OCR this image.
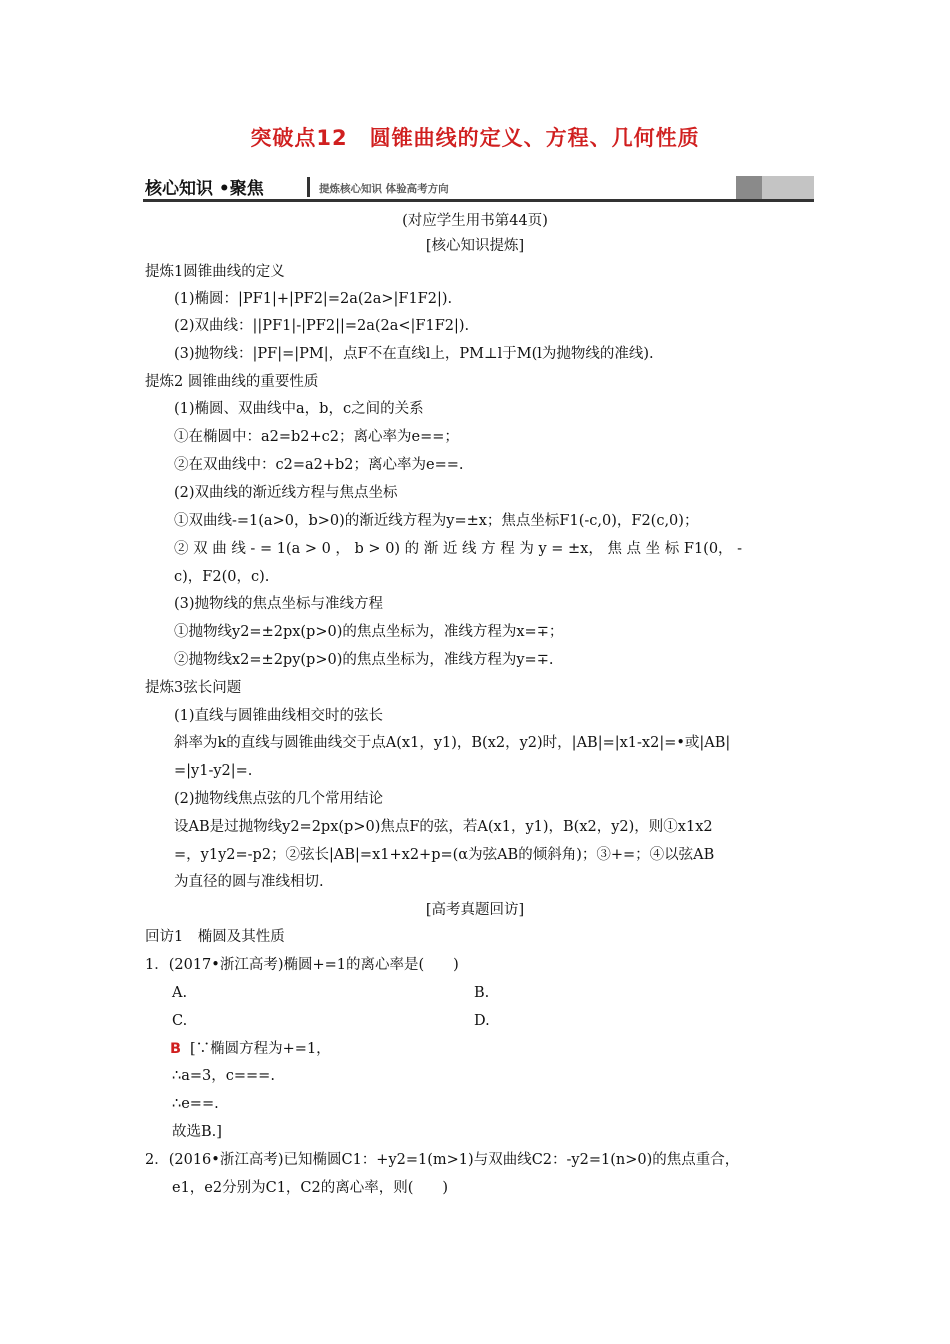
突破点12　圆锥曲线的定义、方程、几何性质
核心知识 •聚焦	提炼核心知识 体验高考方向
(对应学生用书第44页)
[核心知识提炼]
提炼1圆锥曲线的定义
(1)椭圆：|PF1|+|PF2|=2a(2a>|F1F2|).
(2)双曲线：||PF1|-|PF2||=2a(2a<|F1F2|).
(3)抛物线：|PF|=|PM|，点F不在直线l上，PM⊥l于M(l为抛物线的准线).
提炼2 圆锥曲线的重要性质
(1)椭圆、双曲线中a，b，c之间的关系
①在椭圆中：a2=b2+c2；离心率为e==；
②在双曲线中：c2=a2+b2；离心率为e==.
(2)双曲线的渐近线方程与焦点坐标
①双曲线-=1(a>0，b>0)的渐近线方程为y=±x；焦点坐标F1(-c,0)，F2(c,0)；
② 双 曲 线 - = 1(a > 0 ， b > 0) 的 渐 近 线 方 程 为 y = ±x， 焦 点 坐 标 F1(0， -
c)，F2(0，c).
(3)抛物线的焦点坐标与准线方程
①抛物线y2=±2px(p>0)的焦点坐标为，准线方程为x=∓；
②抛物线x2=±2py(p>0)的焦点坐标为，准线方程为y=∓.
提炼3弦长问题
(1)直线与圆锥曲线相交时的弦长
斜率为k的直线与圆锥曲线交于点A(x1，y1)，B(x2，y2)时，|AB|=|x1-x2|=•或|AB|
=|y1-y2|=.
(2)抛物线焦点弦的几个常用结论
设AB是过抛物线y2=2px(p>0)焦点F的弦，若A(x1，y1)，B(x2，y2)，则①x1x2
=，y1y2=-p2；②弦长|AB|=x1+x2+p=(α为弦AB的倾斜角)；③+=；④以弦AB
为直径的圆与准线相切.
[高考真题回访]
回访1　椭圆及其性质
1．(2017•浙江高考)椭圆+=1的离心率是(　　)
A.	B.
C.	D.
B [∵椭圆方程为+=1，
∴a=3，c===.
∴e==.
故选B.]
2．(2016•浙江高考)已知椭圆C1：+y2=1(m>1)与双曲线C2：-y2=1(n>0)的焦点重合，
e1，e2分别为C1，C2的离心率，则(　　)
